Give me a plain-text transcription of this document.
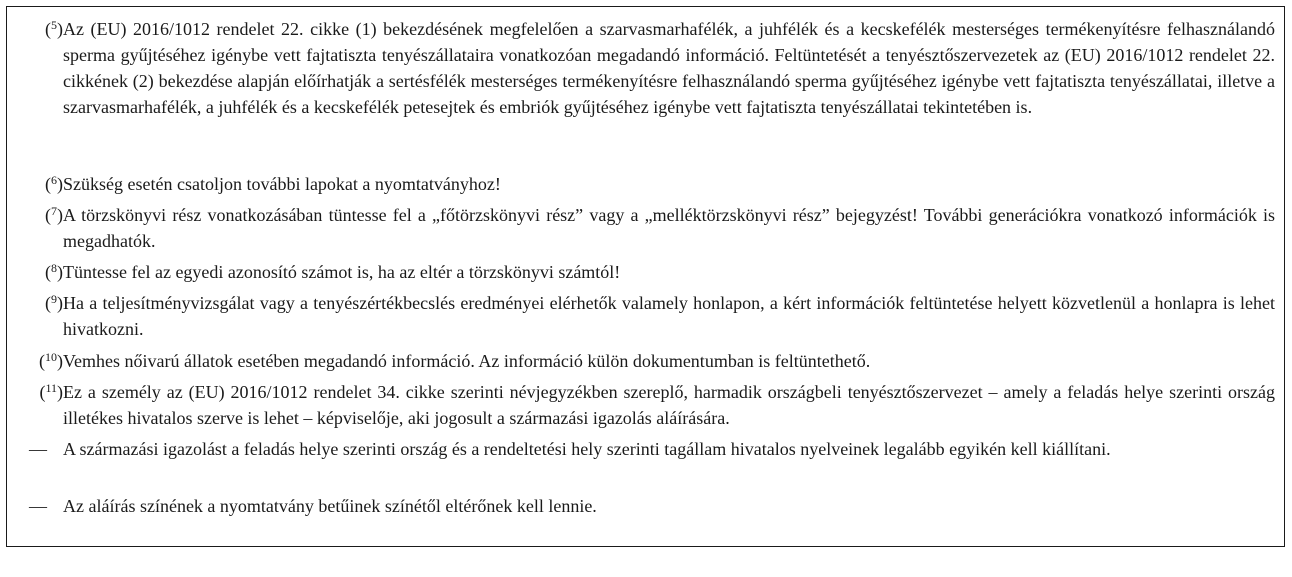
($^5$) Az (EU) 2016/1012 rendelet 22. cikke (1) bekezdésének megfelelően a szarvasmarhafélék, a juhfélék és a kecskefélék mesterséges termékenyítésre felhasználandó sperma gyűjtéséhez igénybe vett fajtatiszta tenyészállataira vonatkozóan megadandó információ. Feltüntetését a tenyésztőszervezetek az (EU) 2016/1012 rendelet 22. cikkének (2) bekezdése alapján előírhatják a sertésfélék mesterséges termékenyítésre felhasználandó sperma gyűjtéséhez igénybe vett fajtatiszta tenyészállatai, illetve a szarvasmarhafélék, a juhfélék és a kecskefélék petesejtek és embriók gyűjtéséhez igénybe vett fajtatiszta tenyészállatai tekintetében is.
($^6$) Szükség esetén csatoljon további lapokat a nyomtatványhoz!
($^7$) A törzskönyvi rész vonatkozásában tüntesse fel a „főtörzskönyvi rész” vagy a „melléktörzskönyvi rész” bejegyzést! További generációkra vonatkozó információk is megadhatók.
($^8$) Tüntesse fel az egyedi azonosító számot is, ha az eltér a törzskönyvi számtól!
($^9$) Ha a teljesítményvizsgálat vagy a tenyészértékbecslés eredményei elérhetők valamely honlapon, a kért információk feltüntetése helyett közvetlenül a honlapra is lehet hivatkozni.
($^{10}$) Vemhes nőivarú állatok esetében megadandó információ. Az információ külön dokumentumban is feltüntethető.
($^{11}$) Ez a személy az (EU) 2016/1012 rendelet 34. cikke szerinti névjegyzékben szereplő, harmadik országbeli tenyésztőszervezet – amely a feladás helye szerinti ország illetékes hivatalos szerve is lehet – képviselője, aki jogosult a származási igazolás aláírására.
— A származási igazolást a feladás helye szerinti ország és a rendeltetési hely szerinti tagállam hivatalos nyelveinek legalább egyikén kell kiállítani.
— Az aláírás színének a nyomtatvány betűinek színétől eltérőnek kell lennie.
